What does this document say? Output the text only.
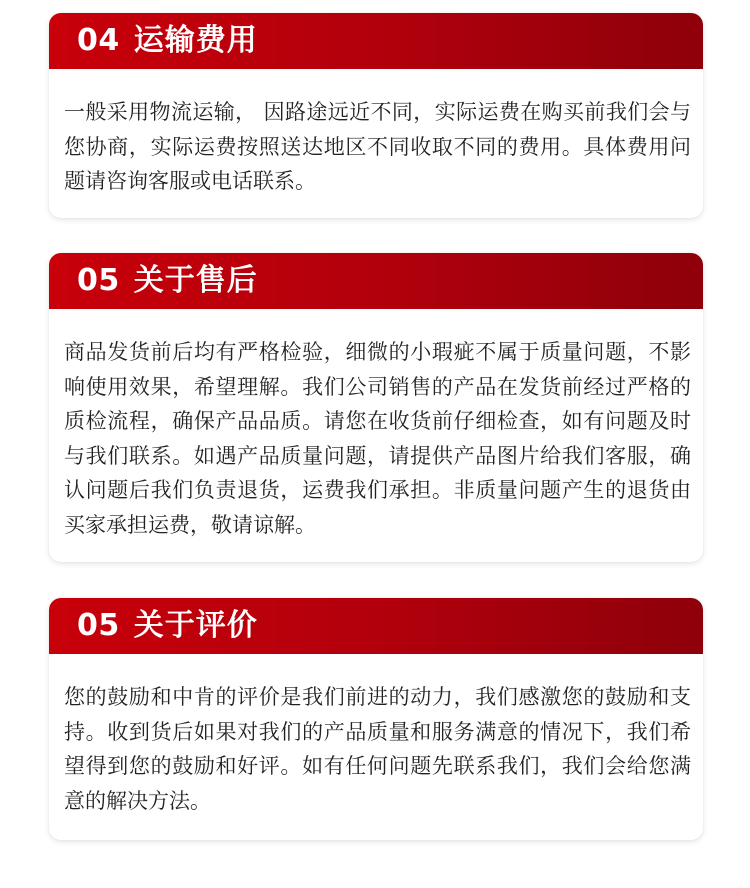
04 运输费用

一般采用物流运输， 因路途远近不同，实际运费在购买前我们会与您协商，实际运费按照送达地区不同收取不同的费用。具体费用问题请咨询客服或电话联系。

05 关于售后

商品发货前后均有严格检验，细微的小瑕疵不属于质量问题，不影响使用效果，希望理解。我们公司销售的产品在发货前经过严格的质检流程，确保产品品质。请您在收货前仔细检查，如有问题及时与我们联系。如遇产品质量问题，请提供产品图片给我们客服，确认问题后我们负责退货，运费我们承担。非质量问题产生的退货由买家承担运费，敬请谅解。

05 关于评价

您的鼓励和中肯的评价是我们前进的动力，我们感激您的鼓励和支持。收到货后如果对我们的产品质量和服务满意的情况下，我们希望得到您的鼓励和好评。如有任何问题先联系我们，我们会给您满意的解决方法。
